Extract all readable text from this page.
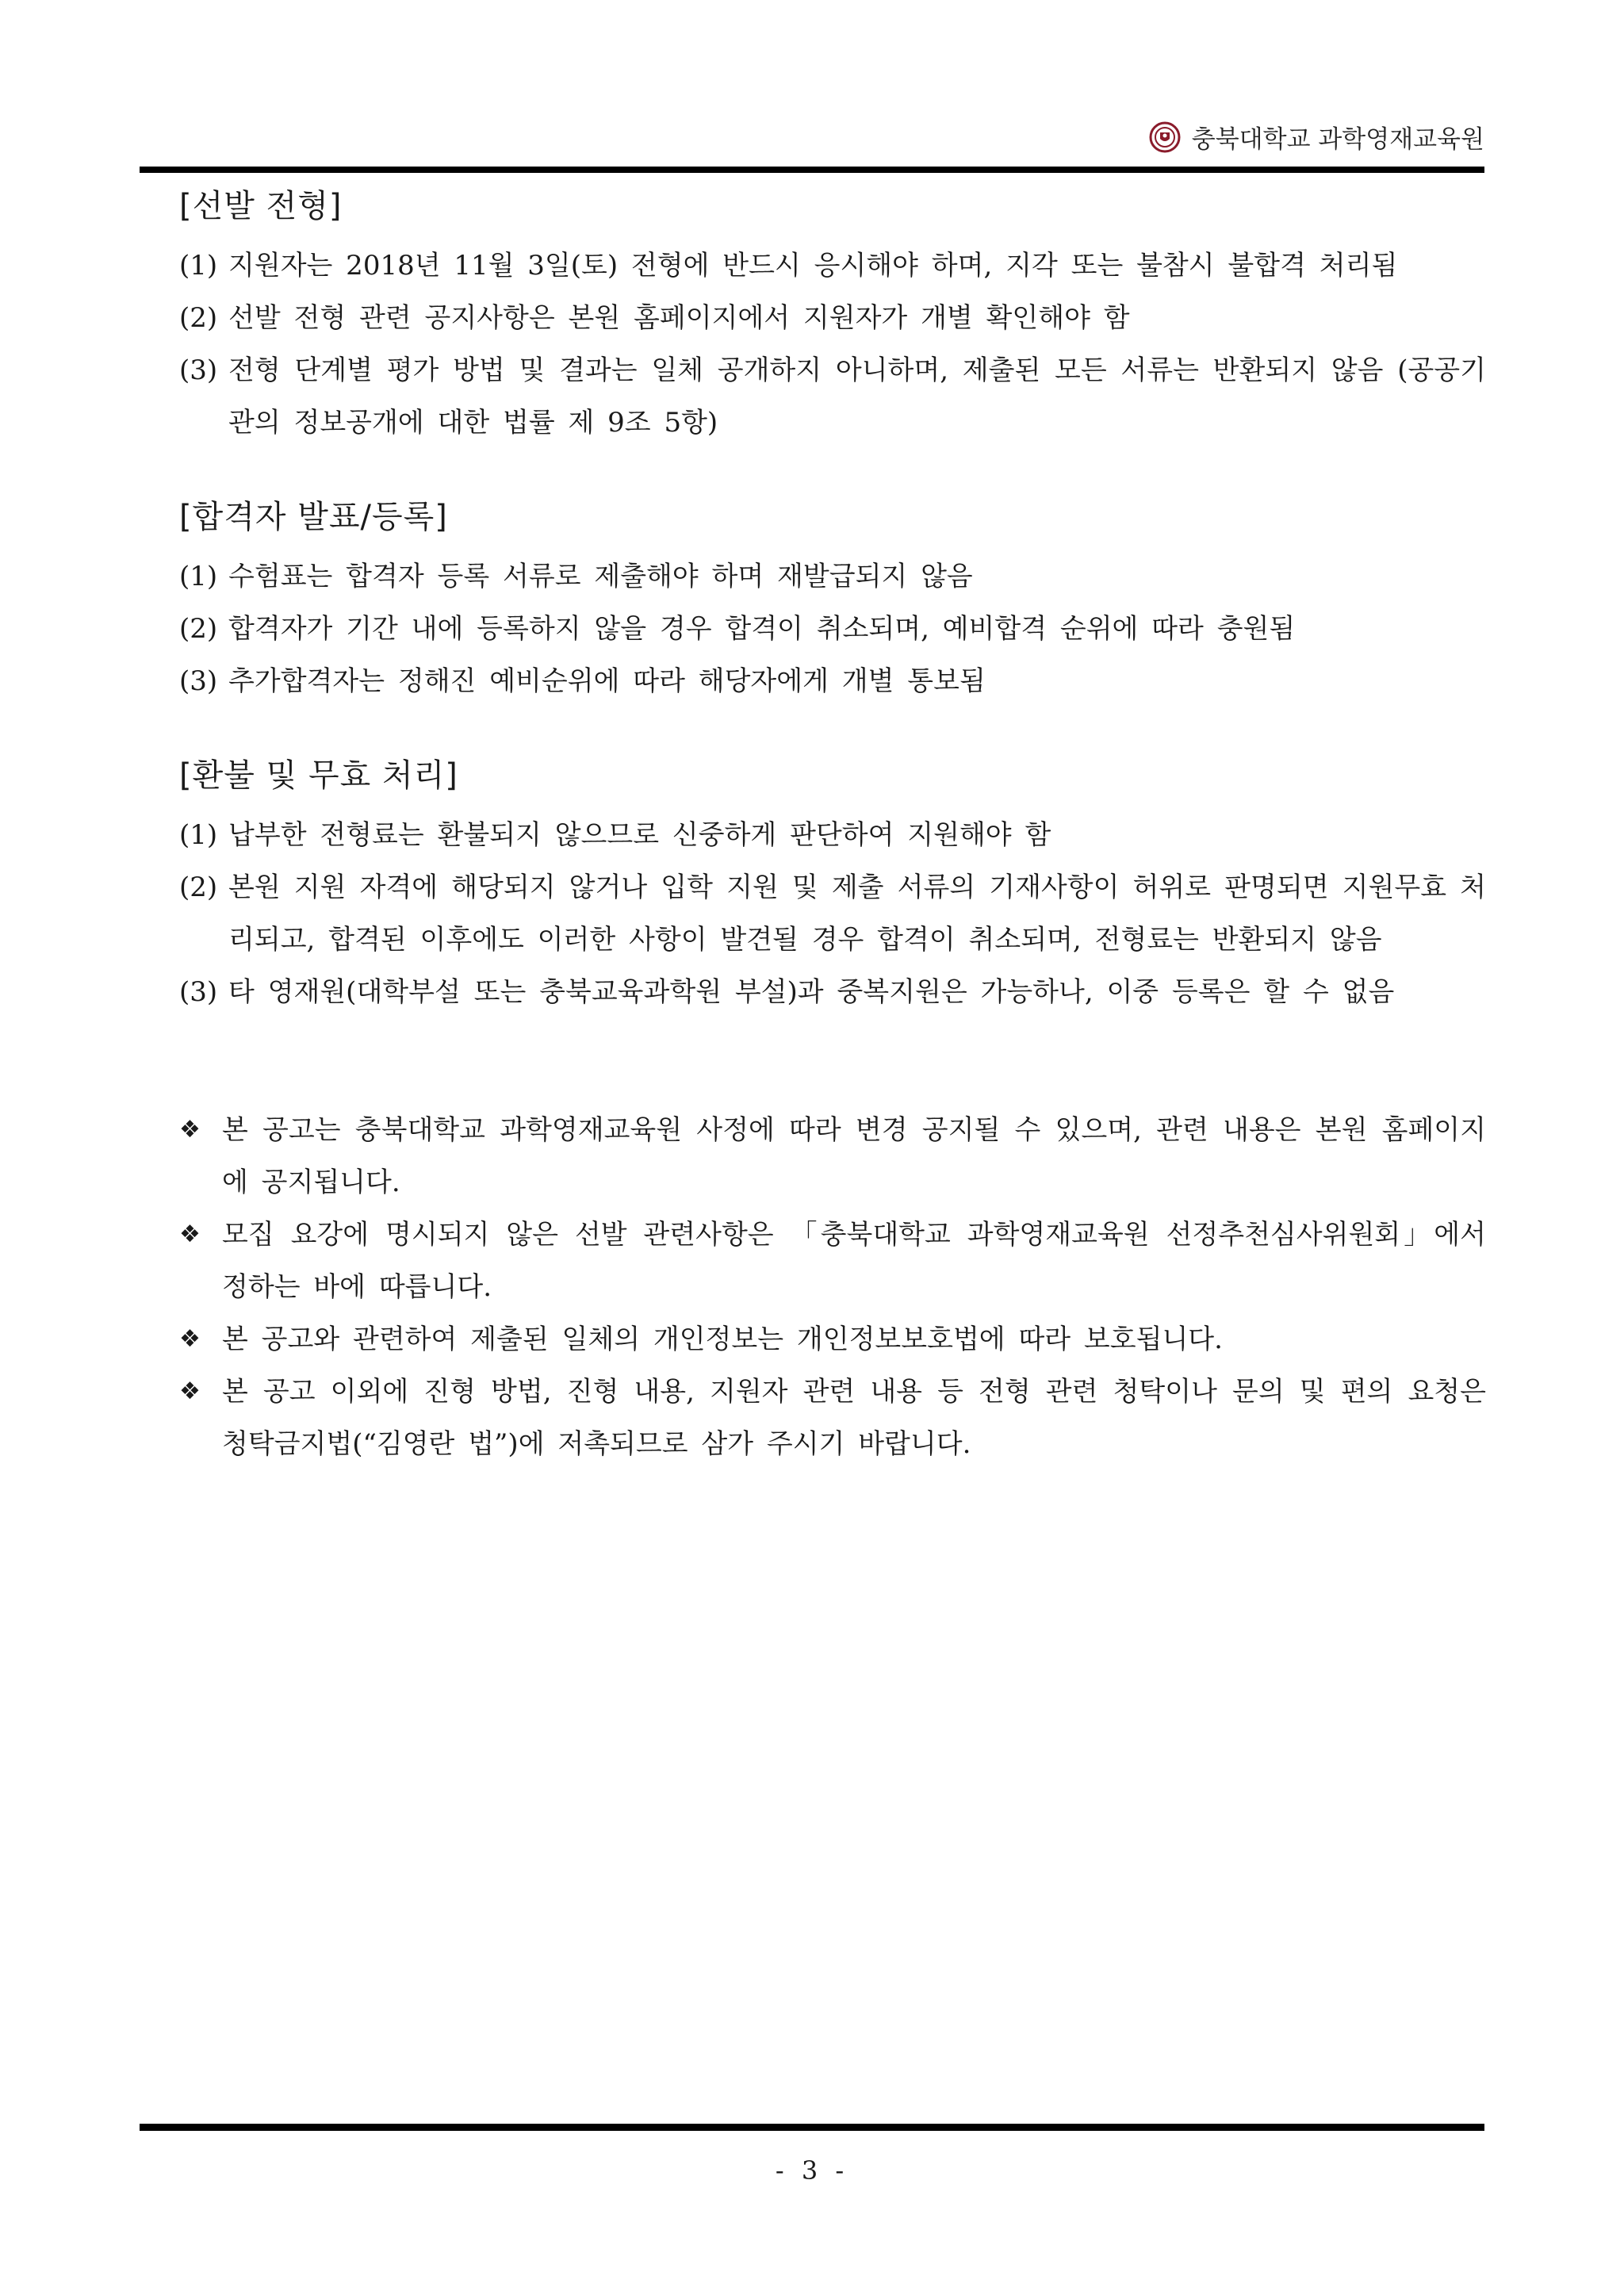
충북대학교 과학영재교육원
[선발 전형]
(1) 지원자는 2018년 11월 3일(토) 전형에 반드시 응시해야 하며, 지각 또는 불참시 불합격 처리됨
(2) 선발 전형 관련 공지사항은 본원 홈페이지에서 지원자가 개별 확인해야 함
(3) 전형 단계별 평가 방법 및 결과는 일체 공개하지 아니하며, 제출된 모든 서류는 반환되지 않음 (공공기관의 정보공개에 대한 법률 제 9조 5항)
[합격자 발표/등록]
(1) 수험표는 합격자 등록 서류로 제출해야 하며 재발급되지 않음
(2) 합격자가 기간 내에 등록하지 않을 경우 합격이 취소되며, 예비합격 순위에 따라 충원됨
(3) 추가합격자는 정해진 예비순위에 따라 해당자에게 개별 통보됨
[환불 및 무효 처리]
(1) 납부한 전형료는 환불되지 않으므로 신중하게 판단하여 지원해야 함
(2) 본원 지원 자격에 해당되지 않거나 입학 지원 및 제출 서류의 기재사항이 허위로 판명되면 지원무효 처리되고, 합격된 이후에도 이러한 사항이 발견될 경우 합격이 취소되며, 전형료는 반환되지 않음
(3) 타 영재원(대학부설 또는 충북교육과학원 부설)과 중복지원은 가능하나, 이중 등록은 할 수 없음
❖ 본 공고는 충북대학교 과학영재교육원 사정에 따라 변경 공지될 수 있으며, 관련 내용은 본원 홈페이지에 공지됩니다.
❖ 모집 요강에 명시되지 않은 선발 관련사항은 「충북대학교 과학영재교육원 선정추천심사위원회」에서 정하는 바에 따릅니다.
❖ 본 공고와 관련하여 제출된 일체의 개인정보는 개인정보보호법에 따라 보호됩니다.
❖ 본 공고 이외에 진형 방법, 진형 내용, 지원자 관련 내용 등 전형 관련 청탁이나 문의 및 편의 요청은 청탁금지법(“김영란 법”)에 저촉되므로 삼가 주시기 바랍니다.
- 3 -
